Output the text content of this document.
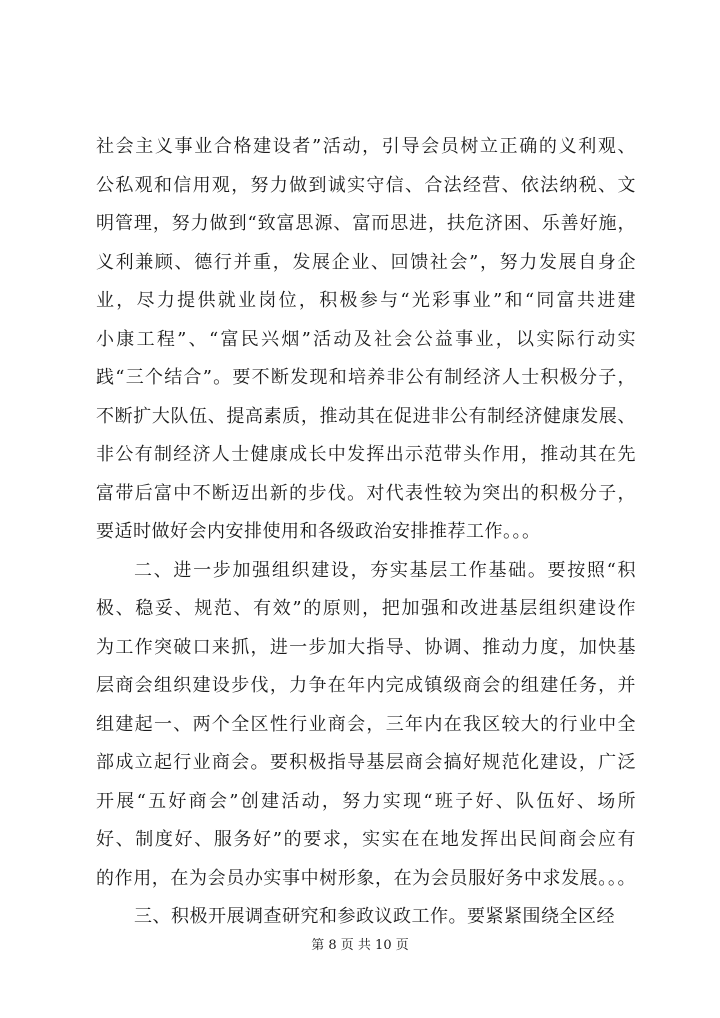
社会主义事业合格建设者”活动，引导会员树立正确的义利观、
公私观和信用观，努力做到诚实守信、合法经营、依法纳税、文
明管理，努力做到“致富思源、富而思进，扶危济困、乐善好施，
义利兼顾、德行并重，发展企业、回馈社会”，努力发展自身企
业，尽力提供就业岗位，积极参与“光彩事业”和“同富共进建
小康工程”、“富民兴烟”活动及社会公益事业，以实际行动实
践“三个结合”。要不断发现和培养非公有制经济人士积极分子，
不断扩大队伍、提高素质，推动其在促进非公有制经济健康发展、
非公有制经济人士健康成长中发挥出示范带头作用，推动其在先
富带后富中不断迈出新的步伐。对代表性较为突出的积极分子，
要适时做好会内安排使用和各级政治安排推荐工作。。。
二、进一步加强组织建设，夯实基层工作基础。要按照“积
极、稳妥、规范、有效”的原则，把加强和改进基层组织建设作
为工作突破口来抓，进一步加大指导、协调、推动力度，加快基
层商会组织建设步伐，力争在年内完成镇级商会的组建任务，并
组建起一、两个全区性行业商会，三年内在我区较大的行业中全
部成立起行业商会。要积极指导基层商会搞好规范化建设，广泛
开展“五好商会”创建活动，努力实现“班子好、队伍好、场所
好、制度好、服务好”的要求，实实在在地发挥出民间商会应有
的作用，在为会员办实事中树形象，在为会员服好务中求发展。。。
三、积极开展调查研究和参政议政工作。要紧紧围绕全区经
第 8 页 共 10 页
